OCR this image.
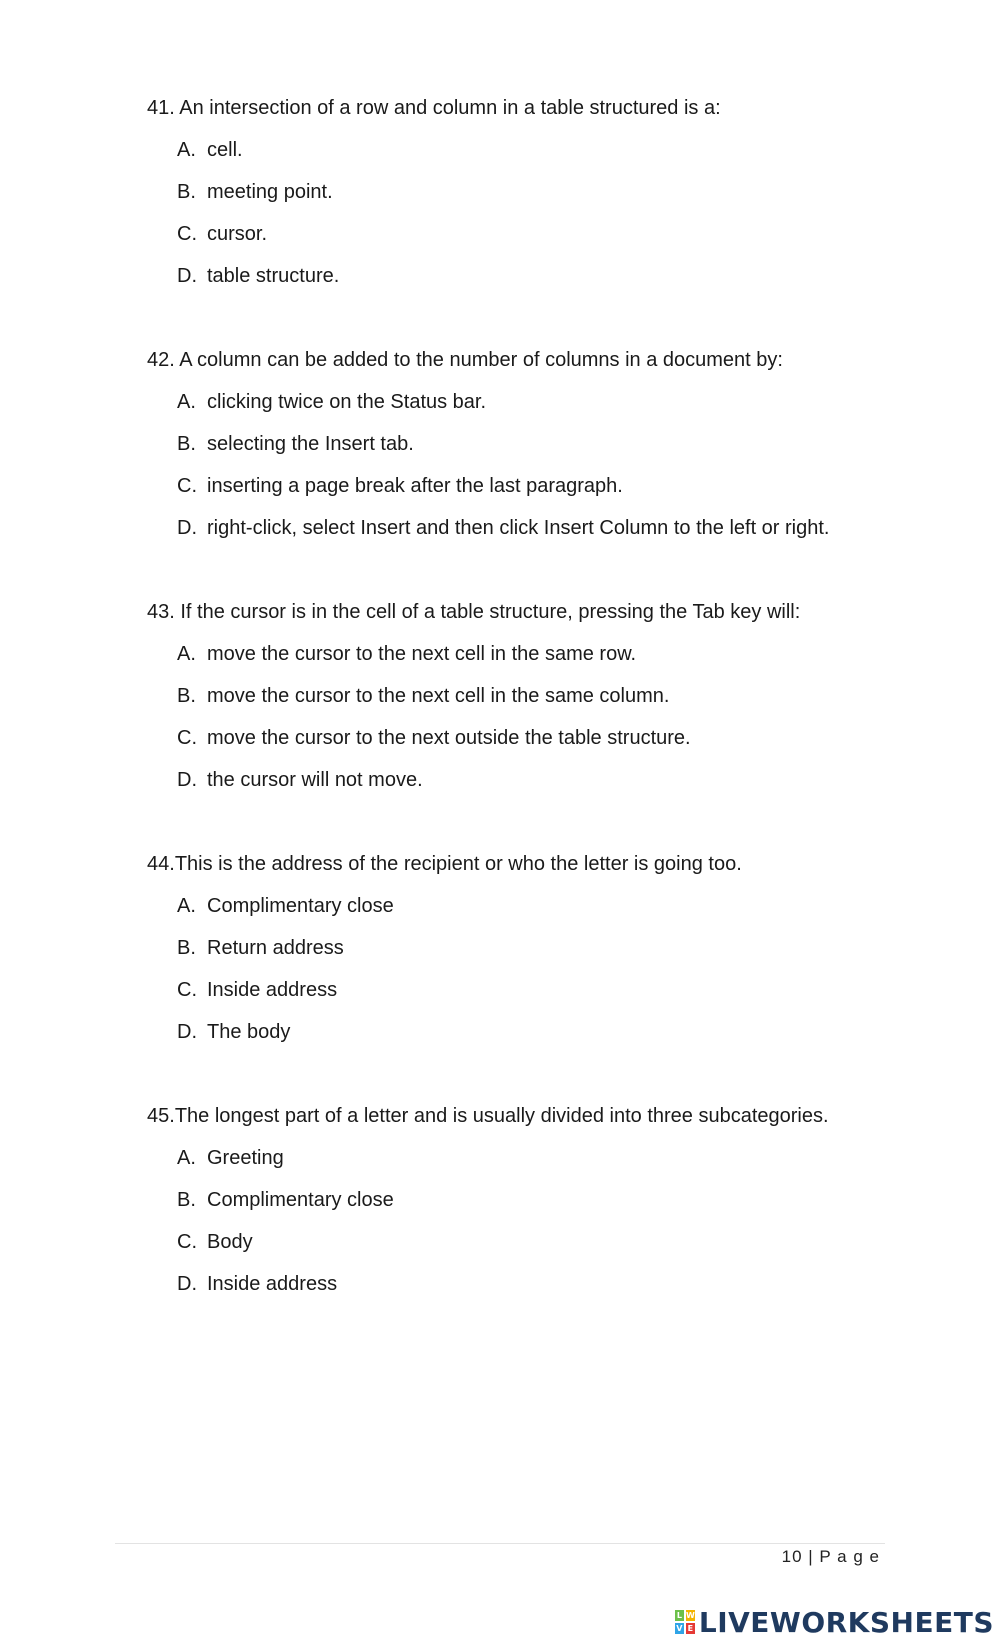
41. An intersection of a row and column in a table structured is a:

A. cell.
B. meeting point.
C. cursor.
D. table structure.

42. A column can be added to the number of columns in a document by:

A. clicking twice on the Status bar.
B. selecting the Insert tab.
C. inserting a page break after the last paragraph.
D. right-click, select Insert and then click Insert Column to the left or right.

43. If the cursor is in the cell of a table structure, pressing the Tab key will:

A. move the cursor to the next cell in the same row.
B. move the cursor to the next cell in the same column.
C. move the cursor to the next outside the table structure.
D. the cursor will not move.

44.This is the address of the recipient or who the letter is going too.

A. Complimentary close
B. Return address
C. Inside address
D. The body

45.The longest part of a letter and is usually divided into three subcategories.

A. Greeting
B. Complimentary close
C. Body
D. Inside address
10 | P a g e
L W
V E LIVEWORKSHEETS
